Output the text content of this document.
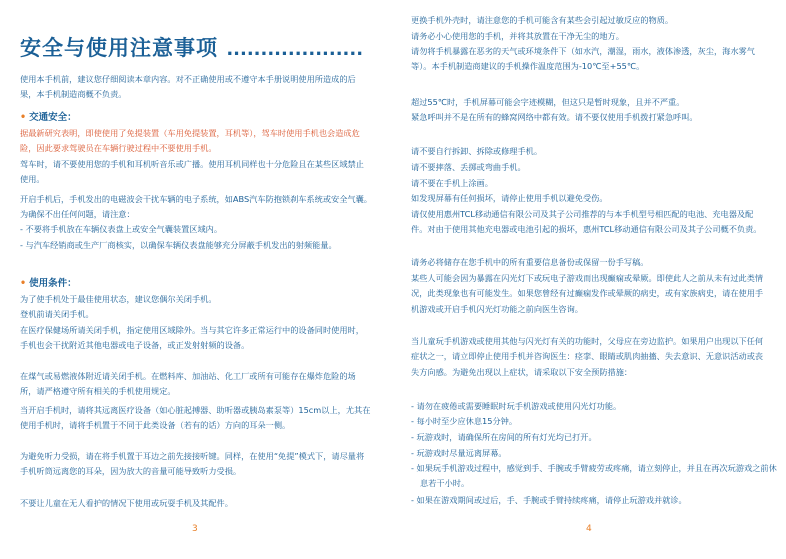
安全与使用注意事项 ....................
使用本手机前，建议您仔细阅读本章内容。对不正确使用或不遵守本手册说明使用所造成的后果，本手机制造商概不负责。
• 交通安全：
据最新研究表明，即使使用了免提装置（车用免提装置，耳机等），驾车时使用手机也会造成危险，因此要求驾驶员在车辆行驶过程中不要使用手机。
驾车时，请不要使用您的手机和耳机听音乐或广播。使用耳机同样也十分危险且在某些区域禁止使用。
开启手机后，手机发出的电磁波会干扰车辆的电子系统，如ABS汽车防抱锁刹车系统或安全气囊。为确保不出任何问题，请注意：
- 不要将手机放在车辆仪表盘上或安全气囊装置区域内。
- 与汽车经销商或生产厂商核实，以确保车辆仪表盘能够充分屏蔽手机发出的射频能量。
• 使用条件：
为了使手机处于最佳使用状态，建议您偶尔关闭手机。
登机前请关闭手机。
在医疗保健场所请关闭手机，指定使用区域除外。当与其它许多正常运行中的设备同时使用时，手机也会干扰附近其他电器或电子设备，或正发射射频的设备。
在煤气或易燃液体附近请关闭手机。在燃料库、加油站、化工厂或所有可能存在爆炸危险的场所，请严格遵守所有相关的手机使用规定。
当开启手机时，请将其远离医疗设备（如心脏起搏器、助听器或胰岛素泵等）15cm以上，尤其在使用手机时，请将手机置于不同于此类设备（若有的话）方向的耳朵一侧。
为避免听力受损，请在将手机置于耳边之前先接接听键。同样，在使用“免提”模式下，请尽量将手机听筒远离您的耳朵，因为放大的音量可能导致听力受损。
不要让儿童在无人看护的情况下使用或玩耍手机及其配件。
3
更换手机外壳时，请注意您的手机可能含有某些会引起过敏反应的物质。
请务必小心使用您的手机，并将其放置在干净无尘的地方。
请勿将手机暴露在恶劣的天气或环境条件下（如水汽，潮湿，雨水，液体渗透，灰尘，海水雾气等）。本手机制造商建议的手机操作温度范围为-10℃至+55℃。
超过55℃时，手机屏幕可能会字迹模糊，但这只是暂时现象，且并不严重。
紧急呼叫并不是在所有的蜂窝网络中都有效。请不要仅使用手机拨打紧急呼叫。
请不要自行拆卸、拆除或修理手机。
请不要摔落、丢掷或弯曲手机。
请不要在手机上涂画。
如发现屏幕有任何损坏，请停止使用手机以避免受伤。
请仅使用惠州TCL移动通信有限公司及其子公司推荐的与本手机型号相匹配的电池、充电器及配件。对由于使用其他充电器或电池引起的损坏，惠州TCL移动通信有限公司及其子公司概不负责。
请务必将储存在您手机中的所有重要信息备份或保留一份手写稿。
某些人可能会因为暴露在闪光灯下或玩电子游戏而出现癫痫或晕厥。即使此人之前从未有过此类情况，此类现象也有可能发生。如果您曾经有过癫痫发作或晕厥的病史，或有家族病史，请在使用手机游戏或开启手机闪光灯功能之前向医生咨询。
当儿童玩手机游戏或使用其他与闪光灯有关的功能时，父母应在旁边监护。如果用户出现以下任何症状之一，请立即停止使用手机并咨询医生：痉挛、眼睛或肌肉抽搐、失去意识、无意识活动或丧失方向感。为避免出现以上症状，请采取以下安全预防措施：
- 请勿在疲倦或需要睡眠时玩手机游戏或使用闪光灯功能。
- 每小时至少应休息15分钟。
- 玩游戏时，请确保所在房间的所有灯光均已打开。
- 玩游戏时尽量远离屏幕。
- 如果玩手机游戏过程中，感觉到手、手腕或手臂疲劳或疼痛，请立刻停止，并且在再次玩游戏之前休息若干小时。
- 如果在游戏期间或过后，手、手腕或手臂持续疼痛，请停止玩游戏并就诊。
4
